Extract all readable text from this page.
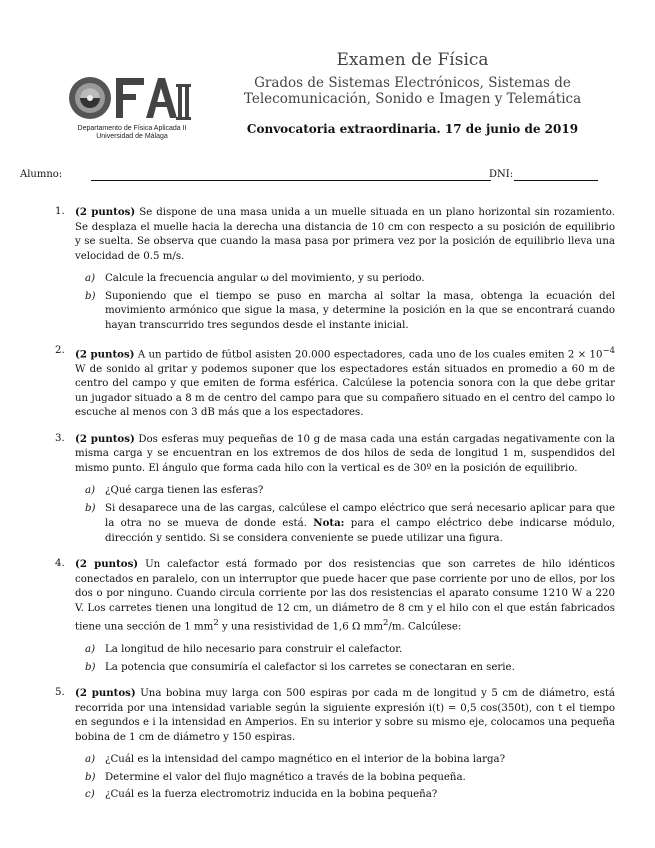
Departamento de Física Aplicada II
Universidad de Málaga
Examen de Física
Grados de Sistemas Electrónicos, Sistemas de
Telecomunicación, Sonido e Imagen y Telemática
Convocatoria extraordinaria. 17 de junio de 2019
Alumno:	DNI:
1. (2 puntos) Se dispone de una masa unida a un muelle situada en un plano horizontal sin rozamiento. Se desplaza el muelle hacia la derecha una distancia de 10 cm con respecto a su posición de equilibrio y se suelta. Se observa que cuando la masa pasa por primera vez por la posición de equilibrio lleva una velocidad de 0.5 m/s.
a) Calcule la frecuencia angular ω del movimiento, y su periodo.
b) Suponiendo que el tiempo se puso en marcha al soltar la masa, obtenga la ecuación del movimiento armónico que sigue la masa, y determine la posición en la que se encontrará cuando hayan transcurrido tres segundos desde el instante inicial.
2. (2 puntos) A un partido de fútbol asisten 20.000 espectadores, cada uno de los cuales emiten $2 \times 10^{-4}$ W de sonido al gritar y podemos suponer que los espectadores están situados en promedio a 60 m de centro del campo y que emiten de forma esférica. Calcúlese la potencia sonora con la que debe gritar un jugador situado a 8 m de centro del campo para que su compañero situado en el centro del campo lo escuche al menos con 3 dB más que a los espectadores.
3. (2 puntos) Dos esferas muy pequeñas de 10 g de masa cada una están cargadas negativamente con la misma carga y se encuentran en los extremos de dos hilos de seda de longitud 1 m, suspendidos del mismo punto. El ángulo que forma cada hilo con la vertical es de 30º en la posición de equilibrio.
a) ¿Qué carga tienen las esferas?
b) Si desaparece una de las cargas, calcúlese el campo eléctrico que será necesario aplicar para que la otra no se mueva de donde está. Nota: para el campo eléctrico debe indicarse módulo, dirección y sentido. Si se considera conveniente se puede utilizar una figura.
4. (2 puntos) Un calefactor está formado por dos resistencias que son carretes de hilo idénticos conectados en paralelo, con un interruptor que puede hacer que pase corriente por uno de ellos, por los dos o por ninguno. Cuando circula corriente por las dos resistencias el aparato consume 1210 W a 220 V. Los carretes tienen una longitud de 12 cm, un diámetro de 8 cm y el hilo con el que están fabricados tiene una sección de 1 $mm^2$ y una resistividad de 1,6 Ω $mm^2/m$. Calcúlese:
a) La longitud de hilo necesario para construir el calefactor.
b) La potencia que consumiría el calefactor si los carretes se conectaran en serie.
5. (2 puntos) Una bobina muy larga con 500 espiras por cada m de longitud y 5 cm de diámetro, está recorrida por una intensidad variable según la siguiente expresión i(t) = 0,5 cos(350t), con t el tiempo en segundos e i la intensidad en Amperios. En su interior y sobre su mismo eje, colocamos una pequeña bobina de 1 cm de diámetro y 150 espiras.
a) ¿Cuál es la intensidad del campo magnético en el interior de la bobina larga?
b) Determine el valor del flujo magnético a través de la bobina pequeña.
c) ¿Cuál es la fuerza electromotriz inducida en la bobina pequeña?
